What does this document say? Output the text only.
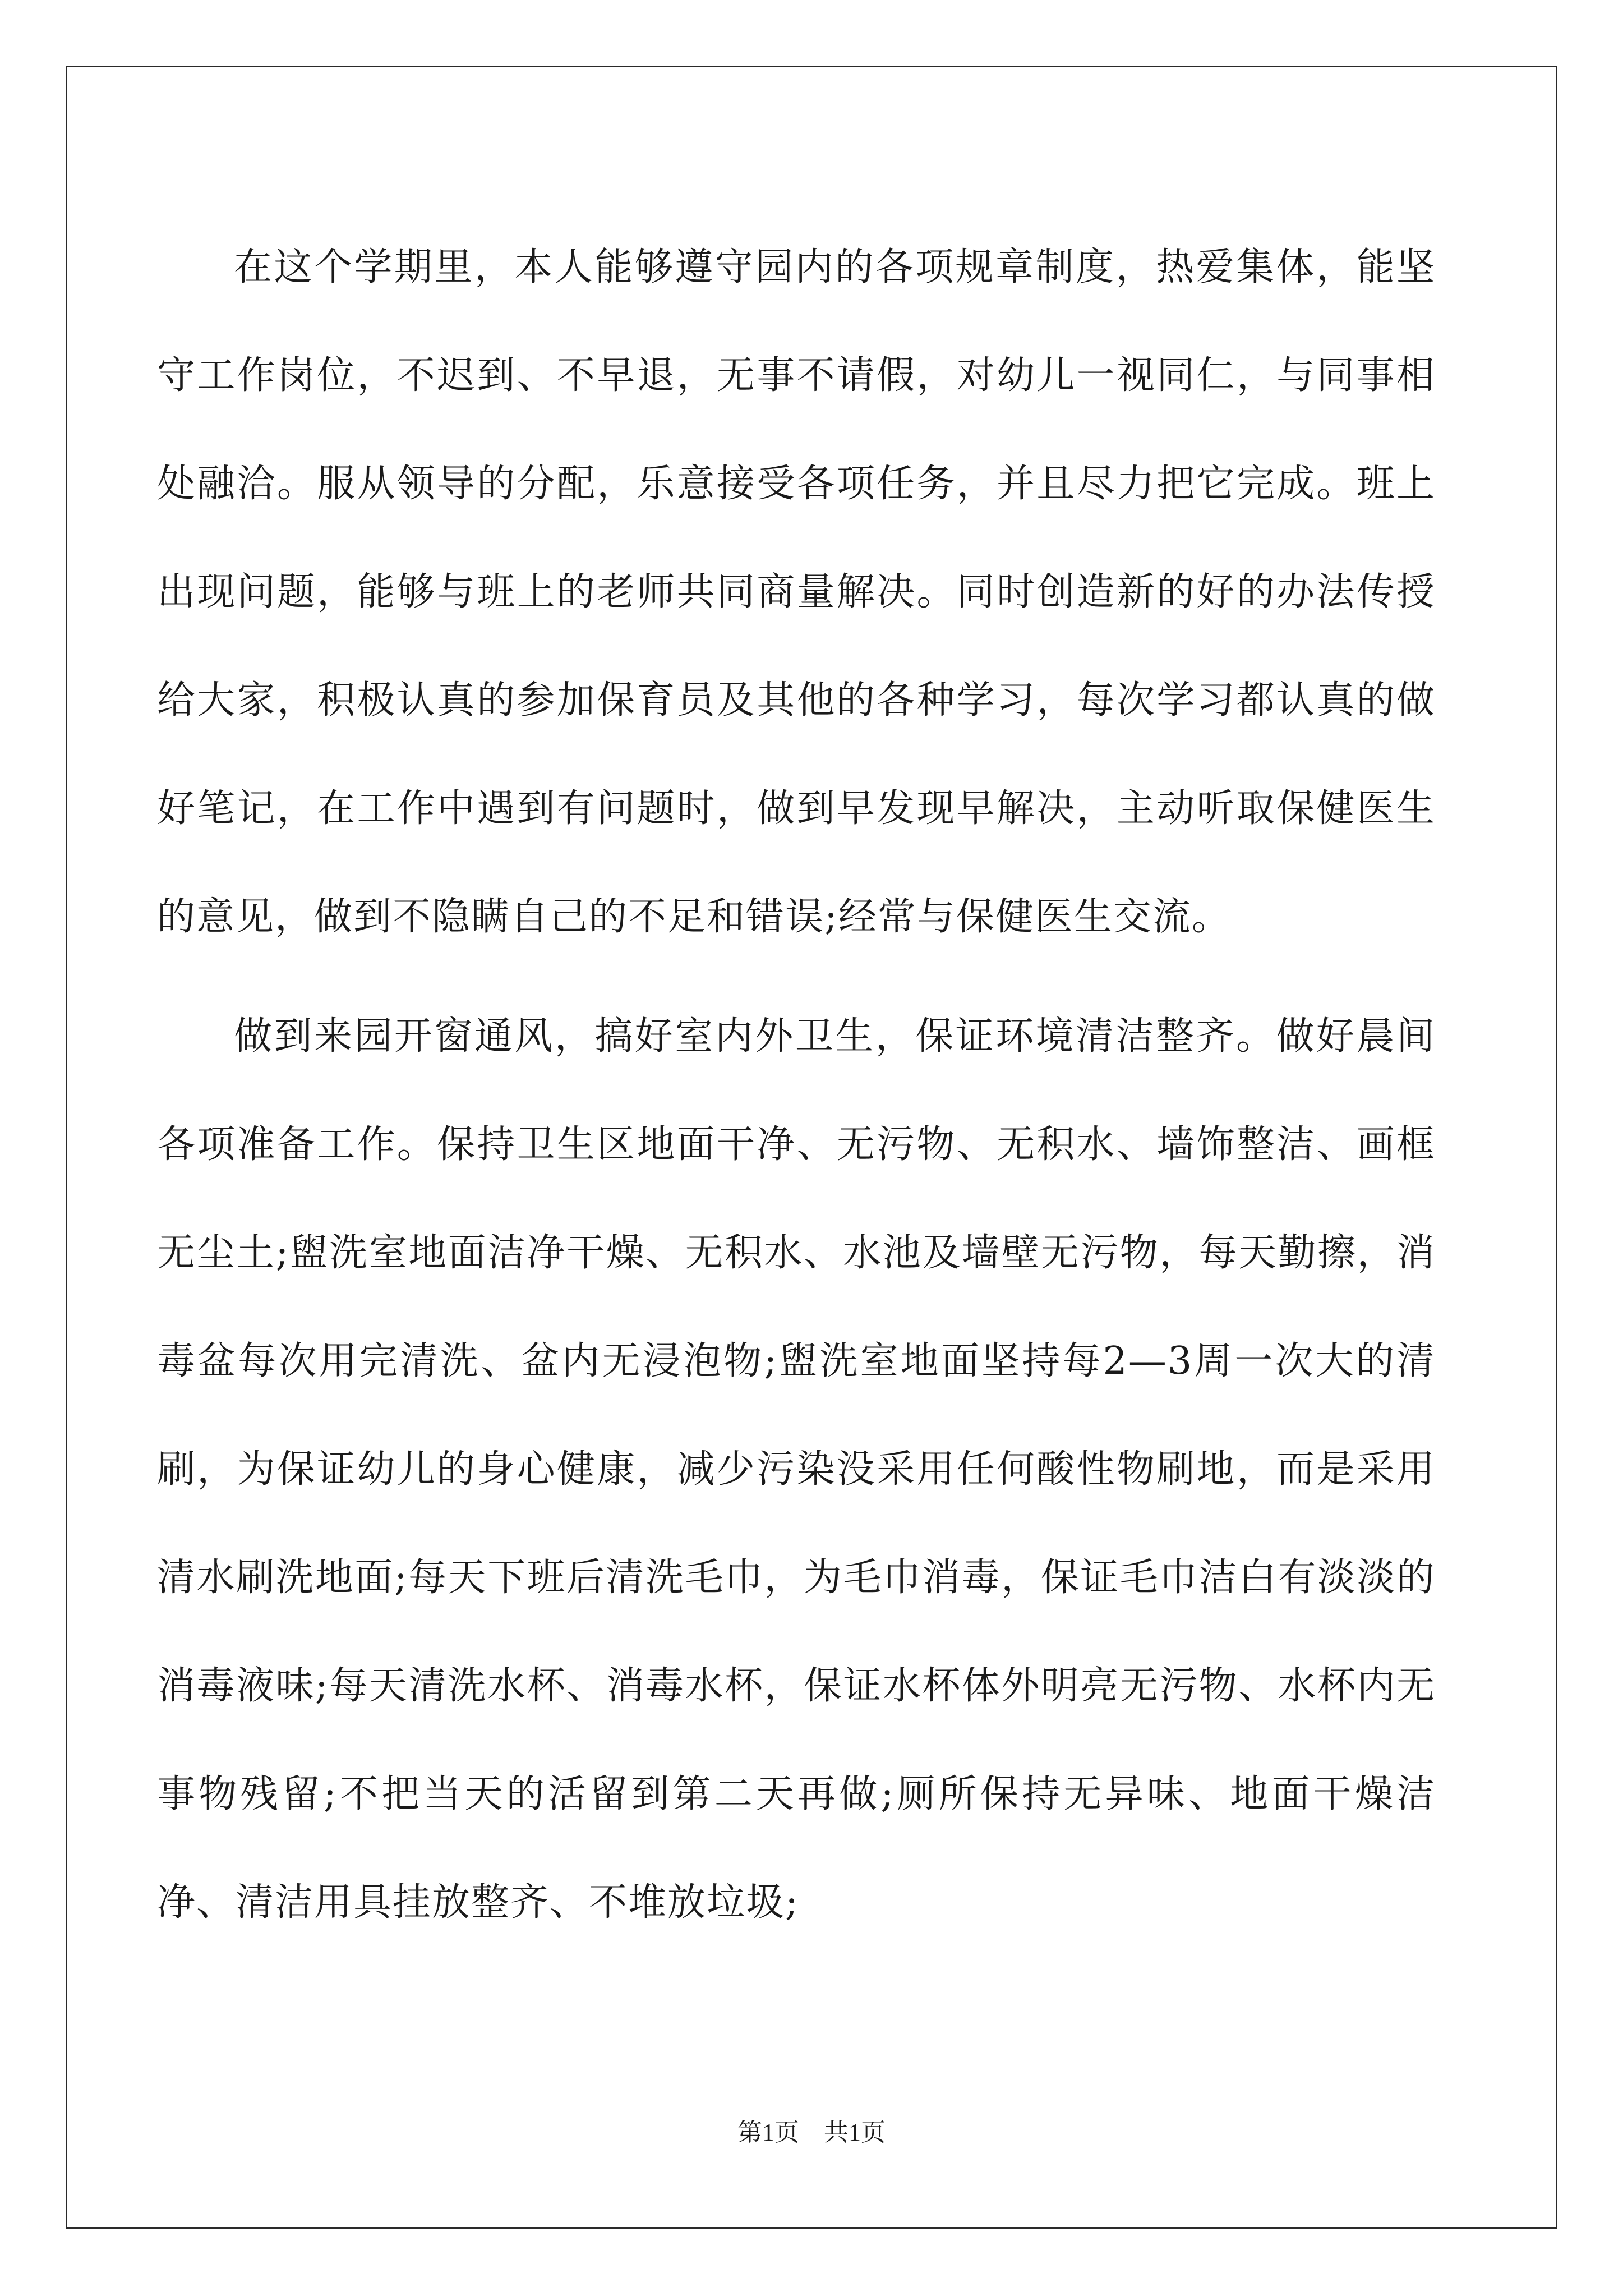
在这个学期里，本人能够遵守园内的各项规章制度，热爱集体，能坚守工作岗位，不迟到、不早退，无事不请假，对幼儿一视同仁，与同事相处融洽。服从领导的分配，乐意接受各项任务，并且尽力把它完成。班上出现问题，能够与班上的老师共同商量解决。同时创造新的好的办法传授给大家，积极认真的参加保育员及其他的各种学习，每次学习都认真的做好笔记，在工作中遇到有问题时，做到早发现早解决，主动听取保健医生的意见，做到不隐瞒自己的不足和错误;经常与保健医生交流。

做到来园开窗通风，搞好室内外卫生，保证环境清洁整齐。做好晨间各项准备工作。保持卫生区地面干净、无污物、无积水、墙饰整洁、画框无尘土;盥洗室地面洁净干燥、无积水、水池及墙壁无污物，每天勤擦，消毒盆每次用完清洗、盆内无浸泡物;盥洗室地面坚持每2—3周一次大的清刷，为保证幼儿的身心健康，减少污染没采用任何酸性物刷地，而是采用清水刷洗地面;每天下班后清洗毛巾，为毛巾消毒，保证毛巾洁白有淡淡的消毒液味;每天清洗水杯、消毒水杯，保证水杯体外明亮无污物、水杯内无事物残留;不把当天的活留到第二天再做;厕所保持无异味、地面干燥洁净、清洁用具挂放整齐、不堆放垃圾;

第1页　共1页
